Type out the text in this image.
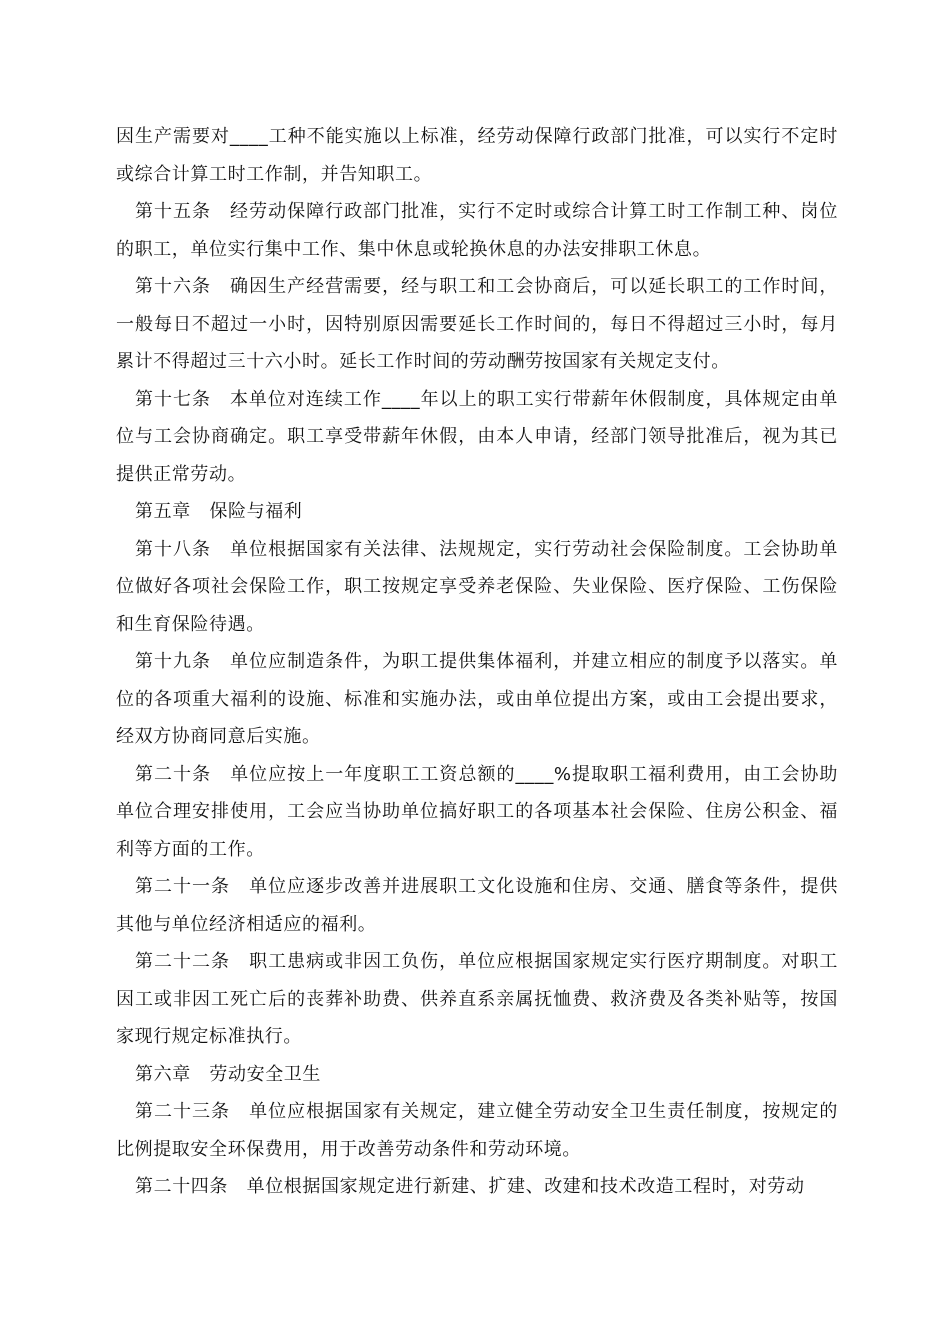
因生产需要对____工种不能实施以上标准，经劳动保障行政部门批准，可以实行不定时或综合计算工时工作制，并告知职工。

第十五条　经劳动保障行政部门批准，实行不定时或综合计算工时工作制工种、岗位的职工，单位实行集中工作、集中休息或轮换休息的办法安排职工休息。

第十六条　确因生产经营需要，经与职工和工会协商后，可以延长职工的工作时间，一般每日不超过一小时，因特别原因需要延长工作时间的，每日不得超过三小时，每月累计不得超过三十六小时。延长工作时间的劳动酬劳按国家有关规定支付。

第十七条　本单位对连续工作____年以上的职工实行带薪年休假制度，具体规定由单位与工会协商确定。职工享受带薪年休假，由本人申请，经部门领导批准后，视为其已提供正常劳动。

第五章　保险与福利

第十八条　单位根据国家有关法律、法规规定，实行劳动社会保险制度。工会协助单位做好各项社会保险工作，职工按规定享受养老保险、失业保险、医疗保险、工伤保险和生育保险待遇。

第十九条　单位应制造条件，为职工提供集体福利，并建立相应的制度予以落实。单位的各项重大福利的设施、标准和实施办法，或由单位提出方案，或由工会提出要求，经双方协商同意后实施。

第二十条　单位应按上一年度职工工资总额的____%提取职工福利费用，由工会协助单位合理安排使用，工会应当协助单位搞好职工的各项基本社会保险、住房公积金、福利等方面的工作。

第二十一条　单位应逐步改善并进展职工文化设施和住房、交通、膳食等条件，提供其他与单位经济相适应的福利。

第二十二条　职工患病或非因工负伤，单位应根据国家规定实行医疗期制度。对职工因工或非因工死亡后的丧葬补助费、供养直系亲属抚恤费、救济费及各类补贴等，按国家现行规定标准执行。

第六章　劳动安全卫生

第二十三条　单位应根据国家有关规定，建立健全劳动安全卫生责任制度，按规定的比例提取安全环保费用，用于改善劳动条件和劳动环境。

第二十四条　单位根据国家规定进行新建、扩建、改建和技术改造工程时，对劳动
